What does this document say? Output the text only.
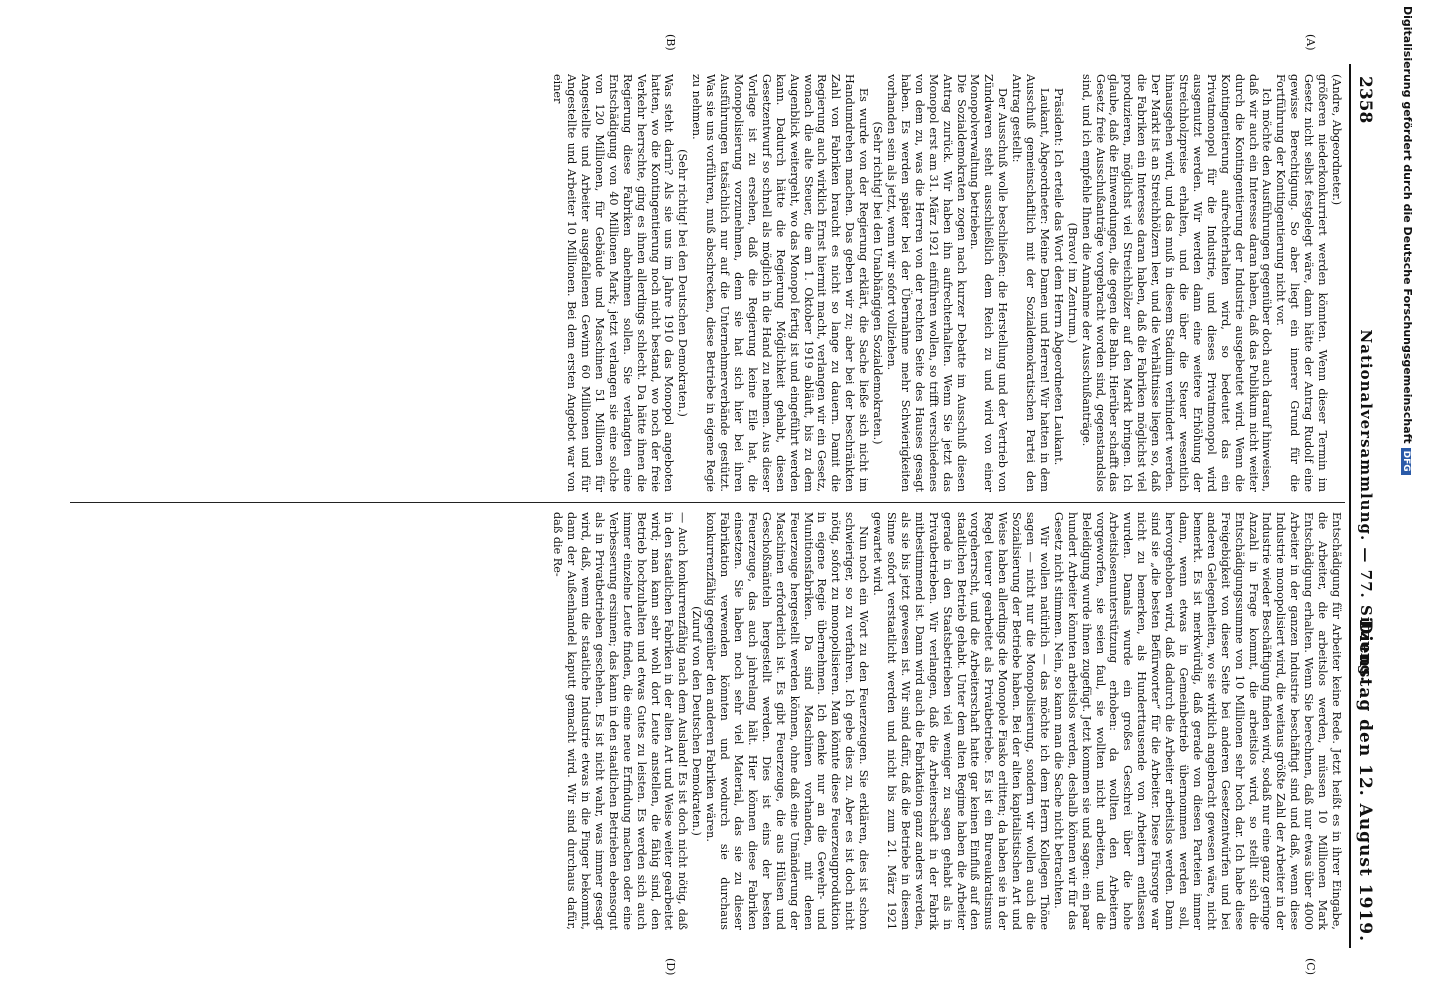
2358
Nationalversammlung. — 77. Sitzung.
Dienstag den 12. August 1919.
(A)
(B)
(C)
(D)

(Andre, Abgeordneter.)

größeren niederkonkurriert werden könnten. Wenn dieser Termin im Gesetz nicht selbst festgelegt wäre, dann hätte der Antrag Rudolf eine gewisse Berechtigung. So aber liegt ein innerer Grund für die Fortführung der Kontingentierung nicht vor.

Ich möchte den Ausführungen gegenüber doch auch darauf hinweisen, daß wir auch ein Interesse daran haben, daß das Publikum nicht weiter durch die Kontingentierung der Industrie ausgebeutet wird. Wenn die Kontingentierung aufrechterhalten wird, so bedeutet das ein Privatmonopol für die Industrie, und dieses Privatmonopol wird ausgenutzt werden. Wir werden dann eine weitere Erhöhung der Streichholzpreise erhalten, und die über die Steuer wesentlich hinausgehen wird, und das muß in diesem Stadium verhindert werden. Der Markt ist an Streichhölzern leer, und die Verhältnisse liegen so, daß die Fabriken ein Interesse daran haben, daß die Fabriken möglichst viel produzieren, möglichst viel Streichhölzer auf den Markt bringen. Ich glaube, daß die Einwendungen, die gegen die Bahn. Hierüber schafft das Gesetz freie Ausschußanträge vorgebracht worden sind, gegenstandslos sind, und ich empfehle Ihnen die Annahme der Ausschußanträge.

(Bravo! im Zentrum.)

Präsident: Ich erteile das Wort dem Herrn Abgeordneten Laukant.

Laukant, Abgeordneter: Meine Damen und Herren! Wir hatten in dem Ausschuß gemeinschaftlich mit der Sozialdemokratischen Partei den Antrag gestellt:

Der Ausschuß wolle beschließen: die Herstellung und der Vertrieb von Zündwaren steht ausschließlich dem Reich zu und wird von einer Monopolverwaltung betrieben.

Die Sozialdemokraten zogen nach kurzer Debatte im Ausschuß diesen Antrag zurück. Wir haben ihn aufrechterhalten. Wenn Sie jetzt das Monopol erst am 31. März 1921 einführen wollen, so trifft verschiedenes von dem zu, was die Herren von der rechten Seite des Hauses gesagt haben. Es werden später bei der Übernahme mehr Schwierigkeiten vorhanden sein als jetzt, wenn wir sofort vollziehen.

(Sehr richtig! bei den Unabhängigen Sozialdemokraten.)

Es wurde von der Regierung erklärt, die Sache ließe sich nicht im Handumdrehen machen. Das geben wir zu; aber bei der beschränkten Zahl von Fabriken braucht es nicht so lange zu dauern. Damit die Regierung auch wirklich Ernst hiermit macht, verlangen wir ein Gesetz, wonach die alte Steuer, die am 1. Oktober 1919 abläuft, bis zu dem Augenblick weitergeht, wo das Monopol fertig ist und eingeführt werden kann. Dadurch hätte die Regierung Möglichkeit gehabt, diesen Gesetzentwurf so schnell als möglich in die Hand zu nehmen. Aus dieser Vorlage ist zu ersehen, daß die Regierung keine Eile hat, die Monopolisierung vorzunehmen, denn sie hat sich hier bei ihren Ausführungen tatsächlich nur auf die Unternehmerverbände gestützt. Was sie uns vorführen, muß abschrecken, diese Betriebe in eigene Regie zu nehmen.

(Sehr richtig! bei den Deutschen Demokraten.)

Was steht darin? Als sie uns im Jahre 1910 das Monopol angeboten hatten, wo die Kontingentierung noch nicht bestand, wo noch der freie Verkehr herrschte, ging es ihnen allerdings schlecht. Da hätte ihnen die Regierung diese Fabriken abnehmen sollen. Sie verlangten eine Entschädigung von 40 Millionen Mark; jetzt verlangen sie eine solche von 120 Millionen, für Gebäude und Maschinen 51 Millionen für Angestellte und Arbeiter ausgefallenen Gewinn 60 Millionen und für Angestellte und Arbeiter 10 Millionen. Bei dem ersten Angebot war von einer

Entschädigung für Arbeiter keine Rede. Jetzt heißt es in ihrer Eingabe, die Arbeiter, die arbeitslos werden, müssen 10 Millionen Mark Entschädigung erhalten. Wenn Sie berechnen, daß nur etwas über 4000 Arbeiter in der ganzen Industrie beschäftigt sind und daß, wenn diese Industrie monopolisiert wird, die weitaus größte Zahl der Arbeiter in der Industrie wieder Beschäftigung finden wird, sodaß nur eine ganz geringe Anzahl in Frage kommt, die arbeitslos wird, so stellt sich die Entschädigungssumme von 10 Millionen sehr hoch dar. Ich habe diese Freigebigkeit von dieser Seite bei anderen Gesetzentwürfen und bei anderen Gelegenheiten, wo sie wirklich angebracht gewesen wäre, nicht bemerkt. Es ist merkwürdig, daß gerade von diesen Parteien immer dann, wenn etwas in Gemeinbetrieb übernommen werden soll, hervorgehoben wird, daß dadurch die Arbeiter arbeitslos werden. Dann sind sie „die besten Befürworter“ für die Arbeiter. Diese Fürsorge war nicht zu bemerken, als Hunderttausende von Arbeitern entlassen wurden. Damals wurde ein großes Geschrei über die hohe Arbeitslosenunterstützung erhoben: da wollten den Arbeitern vorgeworfen, sie seien faul, sie wollten nicht arbeiten, und die Beleidigung wurde ihnen zugefügt. Jetzt kommen sie und sagen: ein paar hundert Arbeiter könnten arbeitslos werden, deshalb können wir für das Gesetz nicht stimmen. Nein, so kann man die Sache nicht betrachten.

Wir wollen natürlich — das möchte ich dem Herrn Kollegen Thöne sagen — nicht nur die Monopolisierung, sondern wir wollen auch die Sozialisierung der Betriebe haben. Bei der alten kapitalistischen Art und Weise haben allerdings die Monopole Fiasko erlitten; da haben sie in der Regel teurer gearbeitet als Privatbetriebe. Es ist ein Bureaukratismus vorgeherrscht, und die Arbeiterschaft hatte gar keinen Einfluß auf den staatlichen Betrieb gehabt. Unter dem alten Regime haben die Arbeiter gerade in den Staatsbetrieben viel weniger zu sagen gehabt als in Privatbetrieben. Wir verlangen, daß die Arbeiterschaft in der Fabrik mitbestimmend ist. Dann wird auch die Fabrikation ganz anders werden, als sie bis jetzt gewesen ist. Wir sind dafür, daß die Betriebe in diesem Sinne sofort verstaatlicht werden und nicht bis zum 21. März 1921 gewartet wird.

Nun noch ein Wort zu den Feuerzeugen. Sie erklären, dies ist schon schwieriger, so zu verfahren. Ich gebe dies zu. Aber es ist doch nicht nötig, sofort zu monopolisieren. Man könnte diese Feuerzeugproduktion in eigene Regie übernehmen. Ich denke nur an die Gewehr- und Munitionsfabriken. Da sind Maschinen vorhanden, mit denen Feuerzeuge hergestellt werden können, ohne daß eine Umänderung der Maschinen erforderlich ist. Es gibt Feuerzeuge, die aus Hülsen und Geschoßmänteln hergestellt werden. Dies ist eins der besten Feuerzeuge, das auch jahrelang hält. Hier können diese Fabriken einsetzen. Sie haben noch sehr viel Material, das sie zu dieser Fabrikation verwenden könnten und wodurch sie durchaus konkurrenzfähig gegenüber den anderen Fabriken wären.

(Zuruf von den Deutschen Demokraten.)

— Auch konkurrenzfähig nach dem Ausland! Es ist doch nicht nötig, daß in den staatlichen Fabriken in der alten Art und Weise weiter gearbeitet wird; man kann sehr wohl dort Leute anstellen, die fähig sind, den Betrieb hochzuhalten und etwas Gutes zu leisten. Es werden sich auch immer einzelne Leute finden, die eine neue Erfindung machen oder eine Verbesserung ersinnen; das kann in den staatlichen Betrieben ebensogut als in Privatbetrieben geschehen. Es ist nicht wahr, was immer gesagt wird, daß, wenn die staatliche Industrie etwas in die Finger bekommt, dann der Außenhandel kaputt gemacht wird. Wir sind durchaus dafür, daß die Re-

Digitalisierung gefördert durch die Deutsche ForschungsgemeinschaftDFG
